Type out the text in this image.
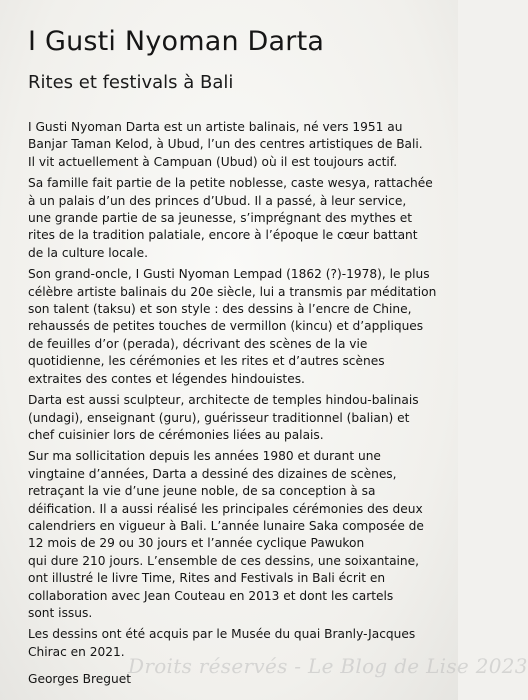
I Gusti Nyoman Darta
Rites et festivals à Bali
I Gusti Nyoman Darta est un artiste balinais, né vers 1951 au
Banjar Taman Kelod, à Ubud, l’un des centres artistiques de Bali.
Il vit actuellement à Campuan (Ubud) où il est toujours actif.
Sa famille fait partie de la petite noblesse, caste wesya, rattachée
à un palais d’un des princes d’Ubud. Il a passé, à leur service,
une grande partie de sa jeunesse, s’imprégnant des mythes et
rites de la tradition palatiale, encore à l’époque le cœur battant
de la culture locale.
Son grand-oncle, I Gusti Nyoman Lempad (1862 (?)-1978), le plus
célèbre artiste balinais du 20e siècle, lui a transmis par méditation
son talent (taksu) et son style : des dessins à l’encre de Chine,
rehaussés de petites touches de vermillon (kincu) et d’appliques
de feuilles d’or (perada), décrivant des scènes de la vie
quotidienne, les cérémonies et les rites et d’autres scènes
extraites des contes et légendes hindouistes.
Darta est aussi sculpteur, architecte de temples hindou-balinais
(undagi), enseignant (guru), guérisseur traditionnel (balian) et
chef cuisinier lors de cérémonies liées au palais.
Sur ma sollicitation depuis les années 1980 et durant une
vingtaine d’années, Darta a dessiné des dizaines de scènes,
retraçant la vie d’une jeune noble, de sa conception à sa
déification. Il a aussi réalisé les principales cérémonies des deux
calendriers en vigueur à Bali. L’année lunaire Saka composée de
12 mois de 29 ou 30 jours et l’année cyclique Pawukon
qui dure 210 jours. L’ensemble de ces dessins, une soixantaine,
ont illustré le livre Time, Rites and Festivals in Bali écrit en
collaboration avec Jean Couteau en 2013 et dont les cartels
sont issus.
Les dessins ont été acquis par le Musée du quai Branly-Jacques
Chirac en 2021.
Droits réservés - Le Blog de Lise 2023
Georges Breguet
